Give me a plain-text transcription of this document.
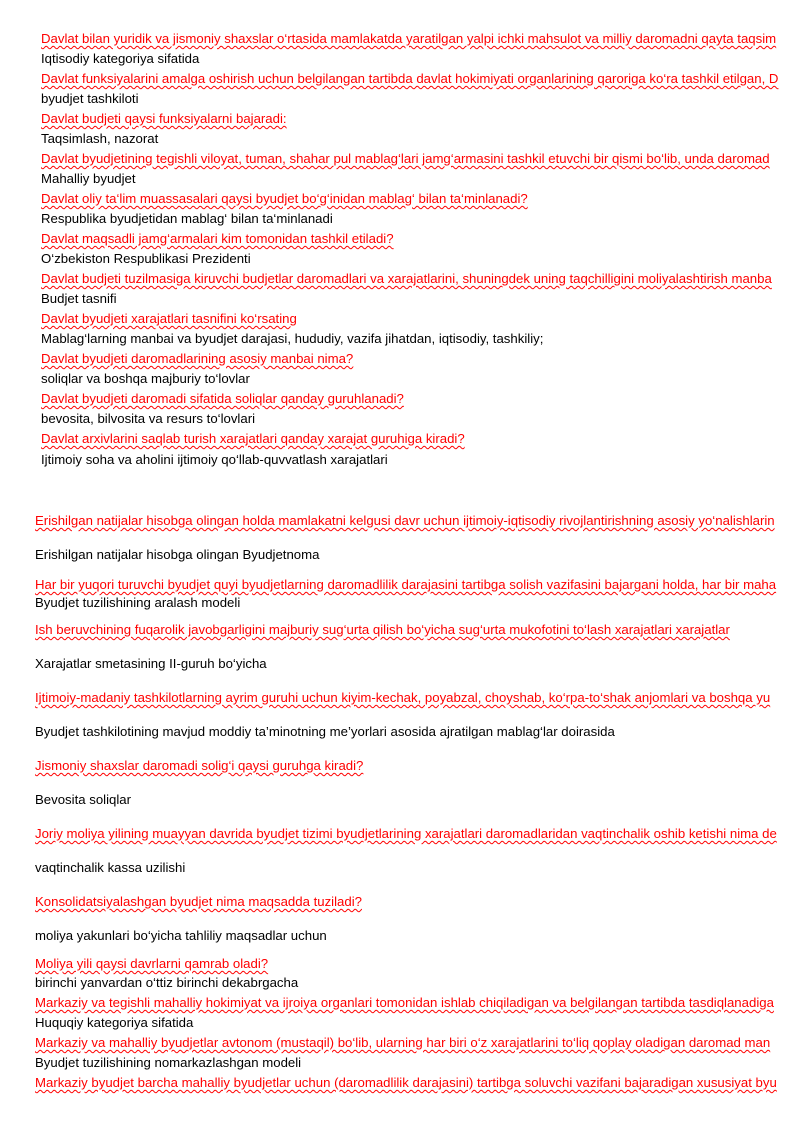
Davlat bilan yuridik va jismoniy shaxslar o‘rtasida mamlakatda yaratilgan yalpi ichki mahsulot va milliy daromadni qayta taqsim
Iqtisodiy kategoriya sifatida
Davlat funksiyalarini amalga oshirish uchun belgilangan tartibda davlat hokimiyati organlarining qaroriga ko‘ra tashkil etilgan, D
byudjet tashkiloti
Davlat budjeti qaysi funksiyalarni bajaradi:
Taqsimlash, nazorat
Davlat byudjetining tegishli viloyat, tuman, shahar pul mablag‘lari jamg‘armasini tashkil etuvchi bir qismi bo‘lib, unda daromad
Mahalliy byudjet
Davlat oliy ta‘lim muassasalari qaysi byudjet bo‘g‘inidan mablag‘ bilan ta‘minlanadi?
Respublika byudjetidan mablag‘ bilan ta‘minlanadi
Davlat maqsadli jamg‘armalari kim tomonidan tashkil etiladi?
O‘zbekiston Respublikasi Prezidenti
Davlat budjeti tuzilmasiga kiruvchi budjetlar daromadlari va xarajatlarini, shuningdek uning taqchilligini moliyalashtirish manba
Budjet tasnifi
Davlat byudjeti xarajatlari tasnifini ko‘rsating
Mablag‘larning manbai va byudjet darajasi, hududiy, vazifa jihatdan, iqtisodiy, tashkiliy;
Davlat byudjeti daromadlarining asosiy manbai nima?
soliqlar va boshqa majburiy to‘lovlar
Davlat byudjeti daromadi sifatida soliqlar qanday guruhlanadi?
bevosita, bilvosita va resurs to‘lovlari
Davlat arxivlarini saqlab turish xarajatlari qanday xarajat guruhiga kiradi?
Ijtimoiy soha va aholini ijtimoiy qo‘llab-quvvatlash xarajatlari
Erishilgan natijalar hisobga olingan holda mamlakatni kelgusi davr uchun ijtimoiy-iqtisodiy rivojlantirishning asosiy yo‘nalishlarin
Erishilgan natijalar hisobga olingan Byudjetnoma
Har bir yuqori turuvchi byudjet quyi byudjetlarning daromadlilik darajasini tartibga solish vazifasini bajargani holda, har bir maha
Byudjet tuzilishining aralash modeli
Ish beruvchining fuqarolik javobgarligini majburiy sug‘urta qilish bo‘yicha sug‘urta mukofotini to‘lash xarajatlari xarajatlar
Xarajatlar smetasining II-guruh bo‘yicha
Ijtimoiy-madaniy tashkilotlarning ayrim guruhi uchun kiyim-kechak, poyabzal, choyshab, ko‘rpa-to‘shak anjomlari va boshqa yu
Byudjet tashkilotining mavjud moddiy ta’minotning me’yorlari asosida ajratilgan mablag‘lar doirasida
Jismoniy shaxslar daromadi solig‘i qaysi guruhga kiradi?
Bevosita soliqlar
Joriy moliya yilining muayyan davrida byudjet tizimi byudjetlarining xarajatlari daromadlaridan vaqtinchalik oshib ketishi nima de
vaqtinchalik kassa uzilishi
Konsolidatsiyalashgan byudjet nima maqsadda tuziladi?
moliya yakunlari bo‘yicha tahliliy maqsadlar uchun
Moliya yili qaysi davrlarni qamrab oladi?
birinchi yanvardan o‘ttiz birinchi dekabrgacha
Markaziy va tegishli mahalliy hokimiyat va ijroiya organlari tomonidan ishlab chiqiladigan va belgilangan tartibda tasdiqlanadiga
Huquqiy kategoriya sifatida
Markaziy va mahalliy byudjetlar avtonom (mustaqil) bo‘lib, ularning har biri o‘z xarajatlarini to‘liq qoplay oladigan daromad man
Byudjet tuzilishining nomarkazlashgan modeli
Markaziy byudjet barcha mahalliy byudjetlar uchun (daromadlilik darajasini) tartibga soluvchi vazifani bajaradigan xususiyat byu
